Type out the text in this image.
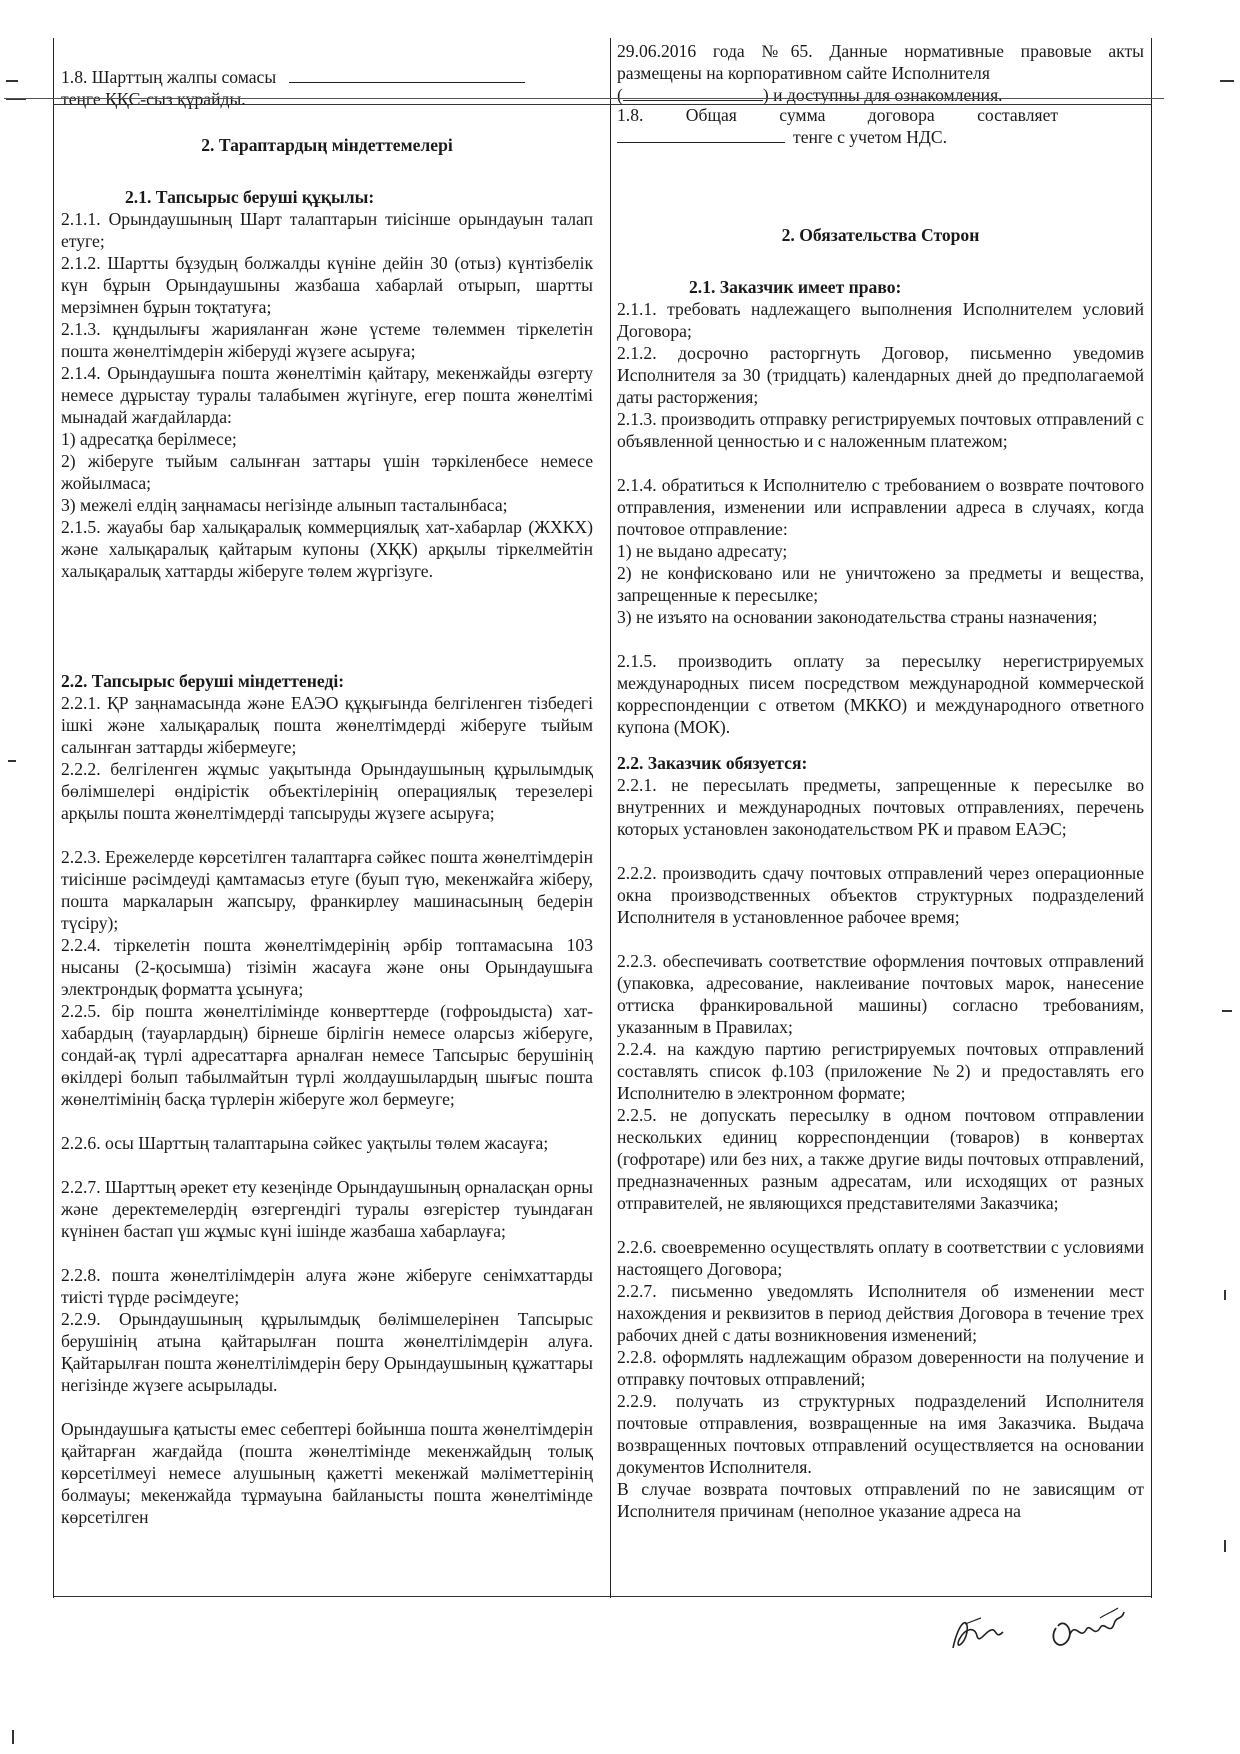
1.8. Шарттың жалпы сомасы
теңге ҚҚС-сыз құрайды.
2. Тараптардың міндеттемелері
2.1. Тапсырыс беруші құқылы:
2.1.1. Орындаушының Шарт талаптарын тиісінше орындауын талап етуге;
2.1.2. Шартты бұзудың болжалды күніне дейін 30 (отыз) күнтізбелік күн бұрын Орындаушыны жазбаша хабарлай отырып, шартты мерзімнен бұрын тоқтатуға;
2.1.3. құндылығы жарияланған және үстеме төлеммен тіркелетін пошта жөнелтімдерін жіберуді жүзеге асыруға;
2.1.4. Орындаушыға пошта жөнелтімін қайтару, мекенжайды өзгерту немесе дұрыстау туралы талабымен жүгінуге, егер пошта жөнелтімі мынадай жағдайларда:
1) адресатқа берілмесе;
2) жіберуге тыйым салынған заттары үшін тәркіленбесе немесе жойылмаса;
3) межелі елдің заңнамасы негізінде алынып тасталынбаса;
2.1.5. жауабы бар халықаралық коммерциялық хат-хабарлар (ЖХКХ) және халықаралық қайтарым купоны (ХҚК) арқылы тіркелмейтін халықаралық хаттарды жіберуге төлем жүргізуге.
2.2. Тапсырыс беруші міндеттенеді:
2.2.1. ҚР заңнамасында және ЕАЭО құқығында белгіленген тізбедегі ішкі және халықаралық пошта жөнелтімдерді жіберуге тыйым салынған заттарды жібермеуге;
2.2.2. белгіленген жұмыс уақытында Орындаушының құрылымдық бөлімшелері өндірістік объектілерінің операциялық терезелері арқылы пошта жөнелтімдерді тапсыруды жүзеге асыруға;
2.2.3. Ережелерде көрсетілген талаптарға сәйкес пошта жөнелтімдерін тиісінше рәсімдеуді қамтамасыз етуге (буып түю, мекенжайға жіберу, пошта маркаларын жапсыру, франкирлеу машинасының бедерін түсіру);
2.2.4. тіркелетін пошта жөнелтімдерінің әрбір топтамасына 103 нысаны (2-қосымша) тізімін жасауға және оны Орындаушыға электрондық форматта ұсынуға;
2.2.5. бір пошта жөнелтілімінде конверттерде (гофроыдыста) хат-хабардың (тауарлардың) бірнеше бірлігін немесе оларсыз жіберуге, сондай-ақ түрлі адресаттарға арналған немесе Тапсырыс берушінің өкілдері болып табылмайтын түрлі жолдаушылардың шығыс пошта жөнелтімінің басқа түрлерін жіберуге жол бермеуге;
2.2.6. осы Шарттың талаптарына сәйкес уақтылы төлем жасауға;
2.2.7. Шарттың әрекет ету кезеңінде Орындаушының орналасқан орны және деректемелердің өзгергендігі туралы өзгерістер туындаған күнінен бастап үш жұмыс күні ішінде жазбаша хабарлауға;
2.2.8. пошта жөнелтілімдерін алуға және жіберуге сенімхаттарды тиісті түрде рәсімдеуге;
2.2.9. Орындаушының құрылымдық бөлімшелерінен Тапсырыс берушінің атына қайтарылған пошта жөнелтілімдерін алуға. Қайтарылған пошта жөнелтілімдерін беру Орындаушының құжаттары негізінде жүзеге асырылады.
Орындаушыға қатысты емес себептері бойынша пошта жөнелтімдерін қайтарған жағдайда (пошта жөнелтімінде мекенжайдың толық көрсетілмеуі немесе алушының қажетті мекенжай мәліметтерінің болмауы; мекенжайда тұрмауына байланысты пошта жөнелтімінде көрсетілген
29.06.2016 года №65. Данные нормативные правовые акты размещены на корпоративном сайте Исполнителя
(	) и доступны для ознакомления.
1.8. Общая сумма договора составляет
тенге с учетом НДС.
2. Обязательства Сторон
2.1. Заказчик имеет право:
2.1.1. требовать надлежащего выполнения Исполнителем условий Договора;
2.1.2. досрочно расторгнуть Договор, письменно уведомив Исполнителя за 30 (тридцать) календарных дней до предполагаемой даты расторжения;
2.1.3. производить отправку регистрируемых почтовых отправлений с объявленной ценностью и с наложенным платежом;
2.1.4. обратиться к Исполнителю с требованием о возврате почтового отправления, изменении или исправлении адреса в случаях, когда почтовое отправление:
1) не выдано адресату;
2) не конфисковано или не уничтожено за предметы и вещества, запрещенные к пересылке;
3) не изъято на основании законодательства страны назначения;
2.1.5. производить оплату за пересылку нерегистрируемых международных писем посредством международной коммерческой корреспонденции с ответом (МККО) и международного ответного купона (МОК).
2.2. Заказчик обязуется:
2.2.1. не пересылать предметы, запрещенные к пересылке во внутренних и международных почтовых отправлениях, перечень которых установлен законодательством РК и правом ЕАЭС;
2.2.2. производить сдачу почтовых отправлений через операционные окна производственных объектов структурных подразделений Исполнителя в установленное рабочее время;
2.2.3. обеспечивать соответствие оформления почтовых отправлений (упаковка, адресование, наклеивание почтовых марок, нанесение оттиска франкировальной машины) согласно требованиям, указанным в Правилах;
2.2.4. на каждую партию регистрируемых почтовых отправлений составлять список ф.103 (приложение №2) и предоставлять его Исполнителю в электронном формате;
2.2.5. не допускать пересылку в одном почтовом отправлении нескольких единиц корреспонденции (товаров) в конвертах (гофротаре) или без них, а также другие виды почтовых отправлений, предназначенных разным адресатам, или исходящих от разных отправителей, не являющихся представителями Заказчика;
2.2.6. своевременно осуществлять оплату в соответствии с условиями настоящего Договора;
2.2.7. письменно уведомлять Исполнителя об изменении мест нахождения и реквизитов в период действия Договора в течение трех рабочих дней с даты возникновения изменений;
2.2.8. оформлять надлежащим образом доверенности на получение и отправку почтовых отправлений;
2.2.9. получать из структурных подразделений Исполнителя почтовые отправления, возвращенные на имя Заказчика. Выдача возвращенных почтовых отправлений осуществляется на основании документов Исполнителя.
В случае возврата почтовых отправлений по не зависящим от Исполнителя причинам (неполное указание адреса на
